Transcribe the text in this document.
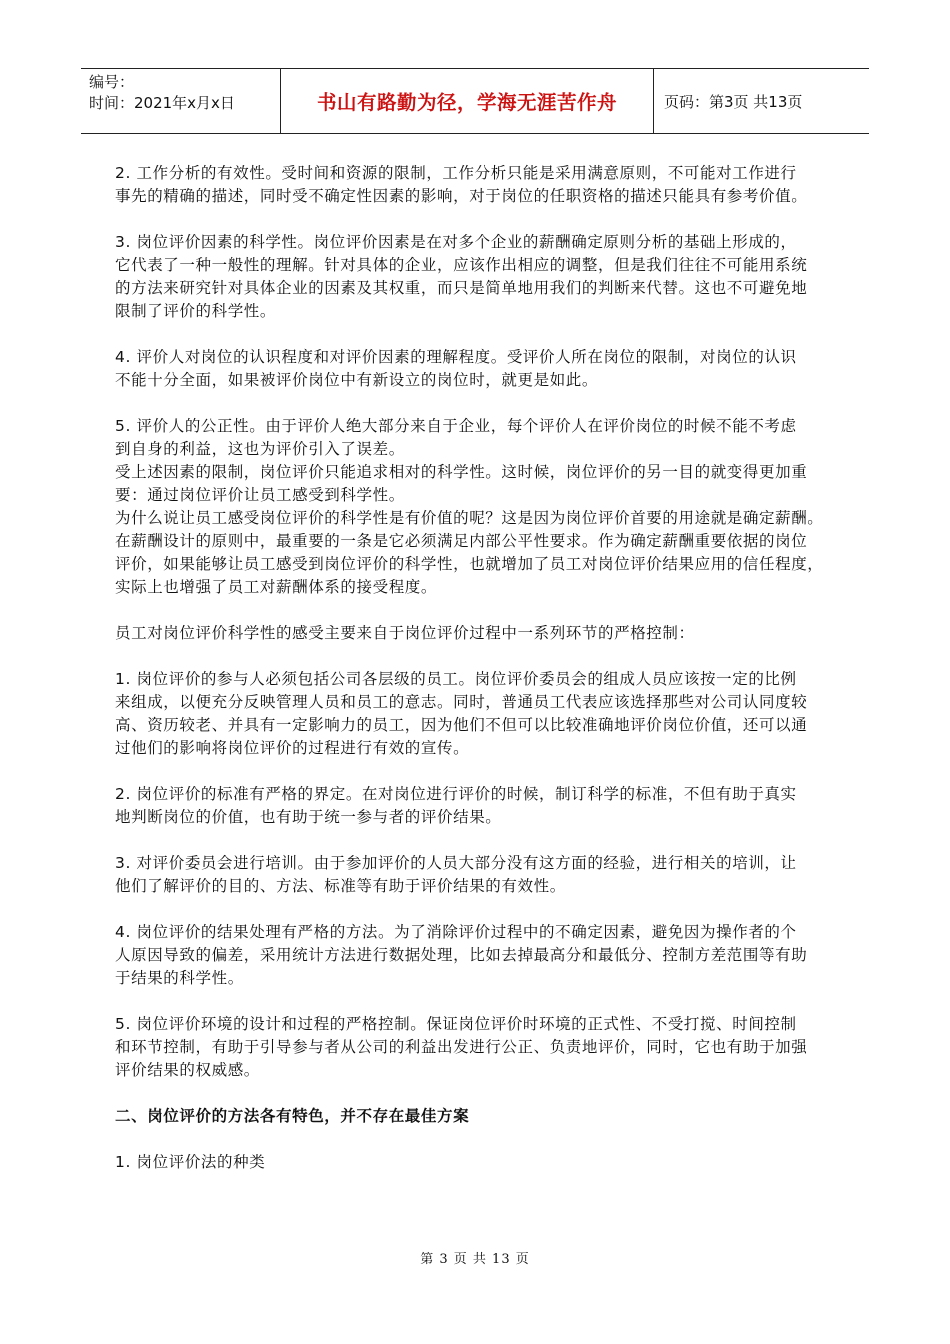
编号：
时间：2021年x月x日	书山有路勤为径，学海无涯苦作舟	页码：第3页 共13页

2. 工作分析的有效性。受时间和资源的限制，工作分析只能是采用满意原则，不可能对工作进行
事先的精确的描述，同时受不确定性因素的影响，对于岗位的任职资格的描述只能具有参考价值。

3. 岗位评价因素的科学性。岗位评价因素是在对多个企业的薪酬确定原则分析的基础上形成的，
它代表了一种一般性的理解。针对具体的企业，应该作出相应的调整，但是我们往往不可能用系统
的方法来研究针对具体企业的因素及其权重，而只是简单地用我们的判断来代替。这也不可避免地
限制了评价的科学性。

4. 评价人对岗位的认识程度和对评价因素的理解程度。受评价人所在岗位的限制，对岗位的认识
不能十分全面，如果被评价岗位中有新设立的岗位时，就更是如此。

5. 评价人的公正性。由于评价人绝大部分来自于企业，每个评价人在评价岗位的时候不能不考虑
到自身的利益，这也为评价引入了误差。

受上述因素的限制，岗位评价只能追求相对的科学性。这时候，岗位评价的另一目的就变得更加重
要：通过岗位评价让员工感受到科学性。

为什么说让员工感受岗位评价的科学性是有价值的呢？这是因为岗位评价首要的用途就是确定薪酬。
在薪酬设计的原则中，最重要的一条是它必须满足内部公平性要求。作为确定薪酬重要依据的岗位
评价，如果能够让员工感受到岗位评价的科学性，也就增加了员工对岗位评价结果应用的信任程度，
实际上也增强了员工对薪酬体系的接受程度。

员工对岗位评价科学性的感受主要来自于岗位评价过程中一系列环节的严格控制：

1. 岗位评价的参与人必须包括公司各层级的员工。岗位评价委员会的组成人员应该按一定的比例
来组成，以便充分反映管理人员和员工的意志。同时，普通员工代表应该选择那些对公司认同度较
高、资历较老、并具有一定影响力的员工，因为他们不但可以比较准确地评价岗位价值，还可以通
过他们的影响将岗位评价的过程进行有效的宣传。

2. 岗位评价的标准有严格的界定。在对岗位进行评价的时候，制订科学的标准，不但有助于真实
地判断岗位的价值，也有助于统一参与者的评价结果。

3. 对评价委员会进行培训。由于参加评价的人员大部分没有这方面的经验，进行相关的培训，让
他们了解评价的目的、方法、标准等有助于评价结果的有效性。

4. 岗位评价的结果处理有严格的方法。为了消除评价过程中的不确定因素，避免因为操作者的个
人原因导致的偏差，采用统计方法进行数据处理，比如去掉最高分和最低分、控制方差范围等有助
于结果的科学性。

5. 岗位评价环境的设计和过程的严格控制。保证岗位评价时环境的正式性、不受打搅、时间控制
和环节控制，有助于引导参与者从公司的利益出发进行公正、负责地评价，同时，它也有助于加强
评价结果的权威感。

二、岗位评价的方法各有特色，并不存在最佳方案

1. 岗位评价法的种类

第 3 页 共 13 页
